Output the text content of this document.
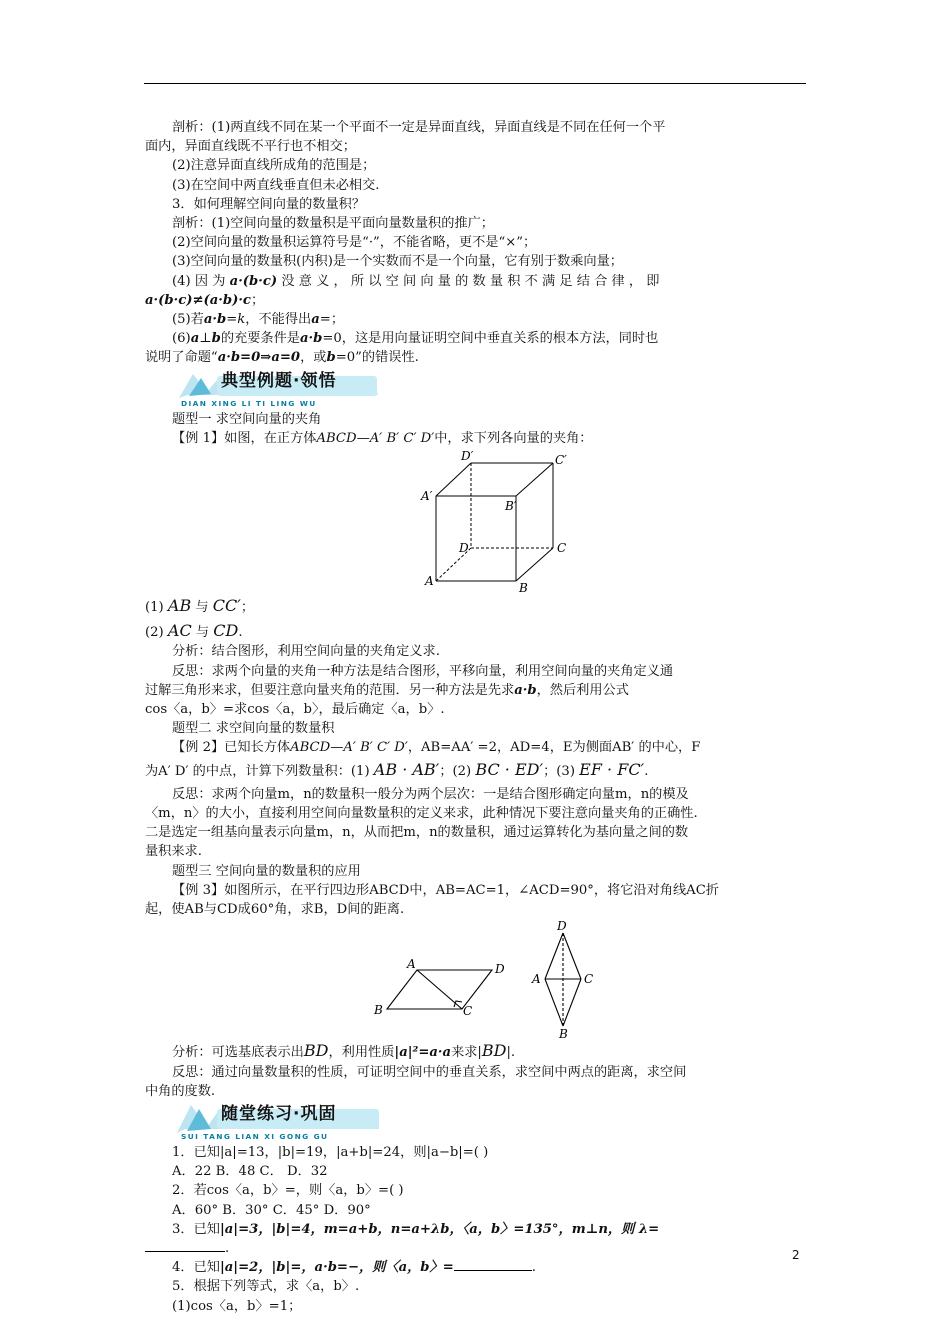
剖析：(1)两直线不同在某一个平面不一定是异面直线，异面直线是不同在任何一个平

面内，异面直线既不平行也不相交；

(2)注意异面直线所成角的范围是；

(3)在空间中两直线垂直但未必相交.

3．如何理解空间向量的数量积？

剖析：(1)空间向量的数量积是平面向量数量积的推广；

(2)空间向量的数量积运算符号是“·”，不能省略，更不是“×”；

(3)空间向量的数量积(内积)是一个实数而不是一个向量，它有别于数乘向量；

(4) 因 为 a·(b·c) 没 意 义 ， 所 以 空 间 向 量 的 数 量 积 不 满 足 结 合 律 ， 即

a·(b·c)≠(a·b)·c；

(5)若a·b=k，不能得出a=；

(6)a⊥b的充要条件是a·b=0，这是用向量证明空间中垂直关系的根本方法，同时也

说明了命题“a·b=0⇒a=0，或b=0”的错误性.

典型例题·领悟
DIAN XING LI TI LING WU

题型一 求空间向量的夹角

【例 1】如图，在正方体ABCD—A′ B′ C′ D′中，求下列各向量的夹角：

D′	C′
A′
B′
D	C
A	B

(1) AB 与 CC′；

(2) AC 与 CD.

分析：结合图形，利用空间向量的夹角定义求.

反思：求两个向量的夹角一种方法是结合图形，平移向量，利用空间向量的夹角定义通

过解三角形来求，但要注意向量夹角的范围．另一种方法是先求a·b，然后利用公式

cos〈a，b〉=求cos〈a，b〉，最后确定〈a，b〉.

题型二 求空间向量的数量积

【例 2】已知长方体ABCD—A′ B′ C′ D′，AB=AA′ =2，AD=4，E为侧面AB′ 的中心，F

为A′ D′ 的中点，计算下列数量积：(1) AB · AB′；(2) BC · ED′；(3) EF · FC′.

反思：求两个向量m，n的数量积一般分为两个层次：一是结合图形确定向量m，n的模及

〈m，n〉的大小，直接利用空间向量数量积的定义来求，此种情况下要注意向量夹角的正确性.

二是选定一组基向量表示向量m，n，从而把m，n的数量积，通过运算转化为基向量之间的数

量积来求.

题型三 空间向量的数量积的应用

【例 3】如图所示，在平行四边形ABCD中，AB=AC=1，∠ACD=90°，将它沿对角线AC折

起，使AB与CD成60°角，求B，D间的距离.

A	D
B	C
D
A	C
B

分析：可选基底表示出BD，利用性质|a|²=a·a来求|BD|.

反思：通过向量数量积的性质，可证明空间中的垂直关系，求空间中两点的距离，求空间

中角的度数.

随堂练习·巩固
SUI TANG LIAN XI GONG GU

1．已知|a|=13，|b|=19，|a+b|=24，则|a−b|=( )

A．22 B．48 C． D．32

2．若cos〈a，b〉=，则〈a，b〉=( )

A．60° B．30° C．45° D．90°

3．已知|a|=3，|b|=4，m=a+b，n=a+λb，〈a，b〉=135°，m⊥n，则 λ=

.

4．已知|a|=2，|b|=，a·b=−，则〈a，b〉=	.

5．根据下列等式，求〈a，b〉.

(1)cos〈a，b〉=1；

2
